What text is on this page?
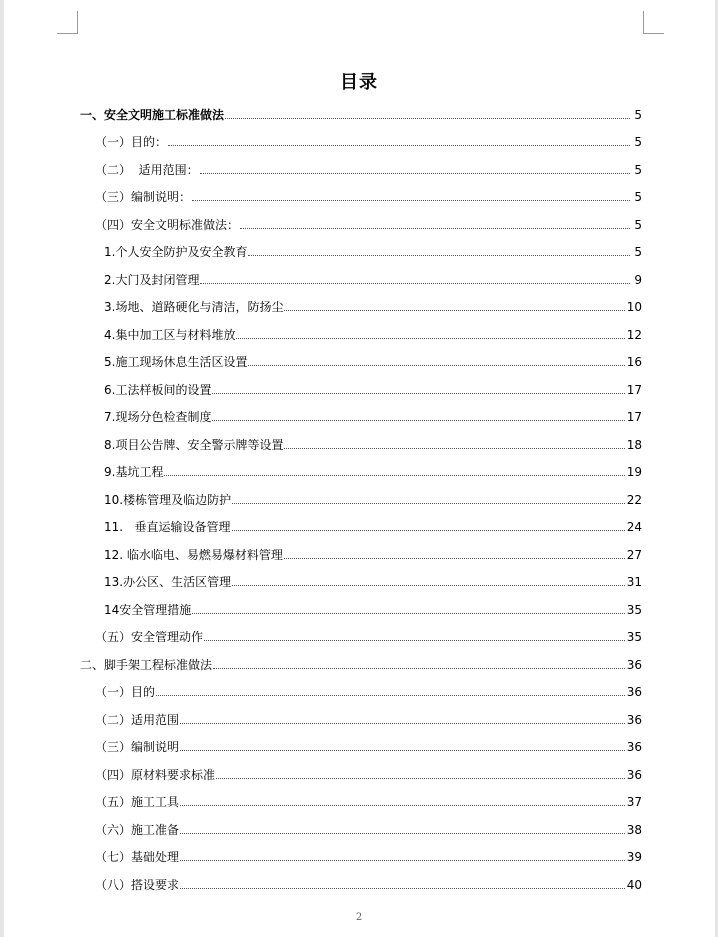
目录
一、安全文明施工标准做法	5
（一）目的：	5
（二）  适用范围：	5
（三）编制说明：	5
（四）安全文明标准做法：	5
1.个人安全防护及安全教育	5
2.大门及封闭管理	9
3.场地、道路硬化与清洁，防扬尘	10
4.集中加工区与材料堆放	12
5.施工现场休息生活区设置	16
6.工法样板间的设置	17
7.现场分色检查制度	17
8.项目公告牌、安全警示牌等设置	18
9.基坑工程	19
10.楼栋管理及临边防护	22
11.   垂直运输设备管理	24
12. 临水临电、易燃易爆材料管理	27
13.办公区、生活区管理	31
14安全管理措施	35
（五）安全管理动作	35
二、脚手架工程标准做法	36
（一）目的	36
（二）适用范围	36
（三）编制说明	36
（四）原材料要求标准	36
（五）施工工具	37
（六）施工准备	38
（七）基础处理	39
（八）搭设要求	40
2
